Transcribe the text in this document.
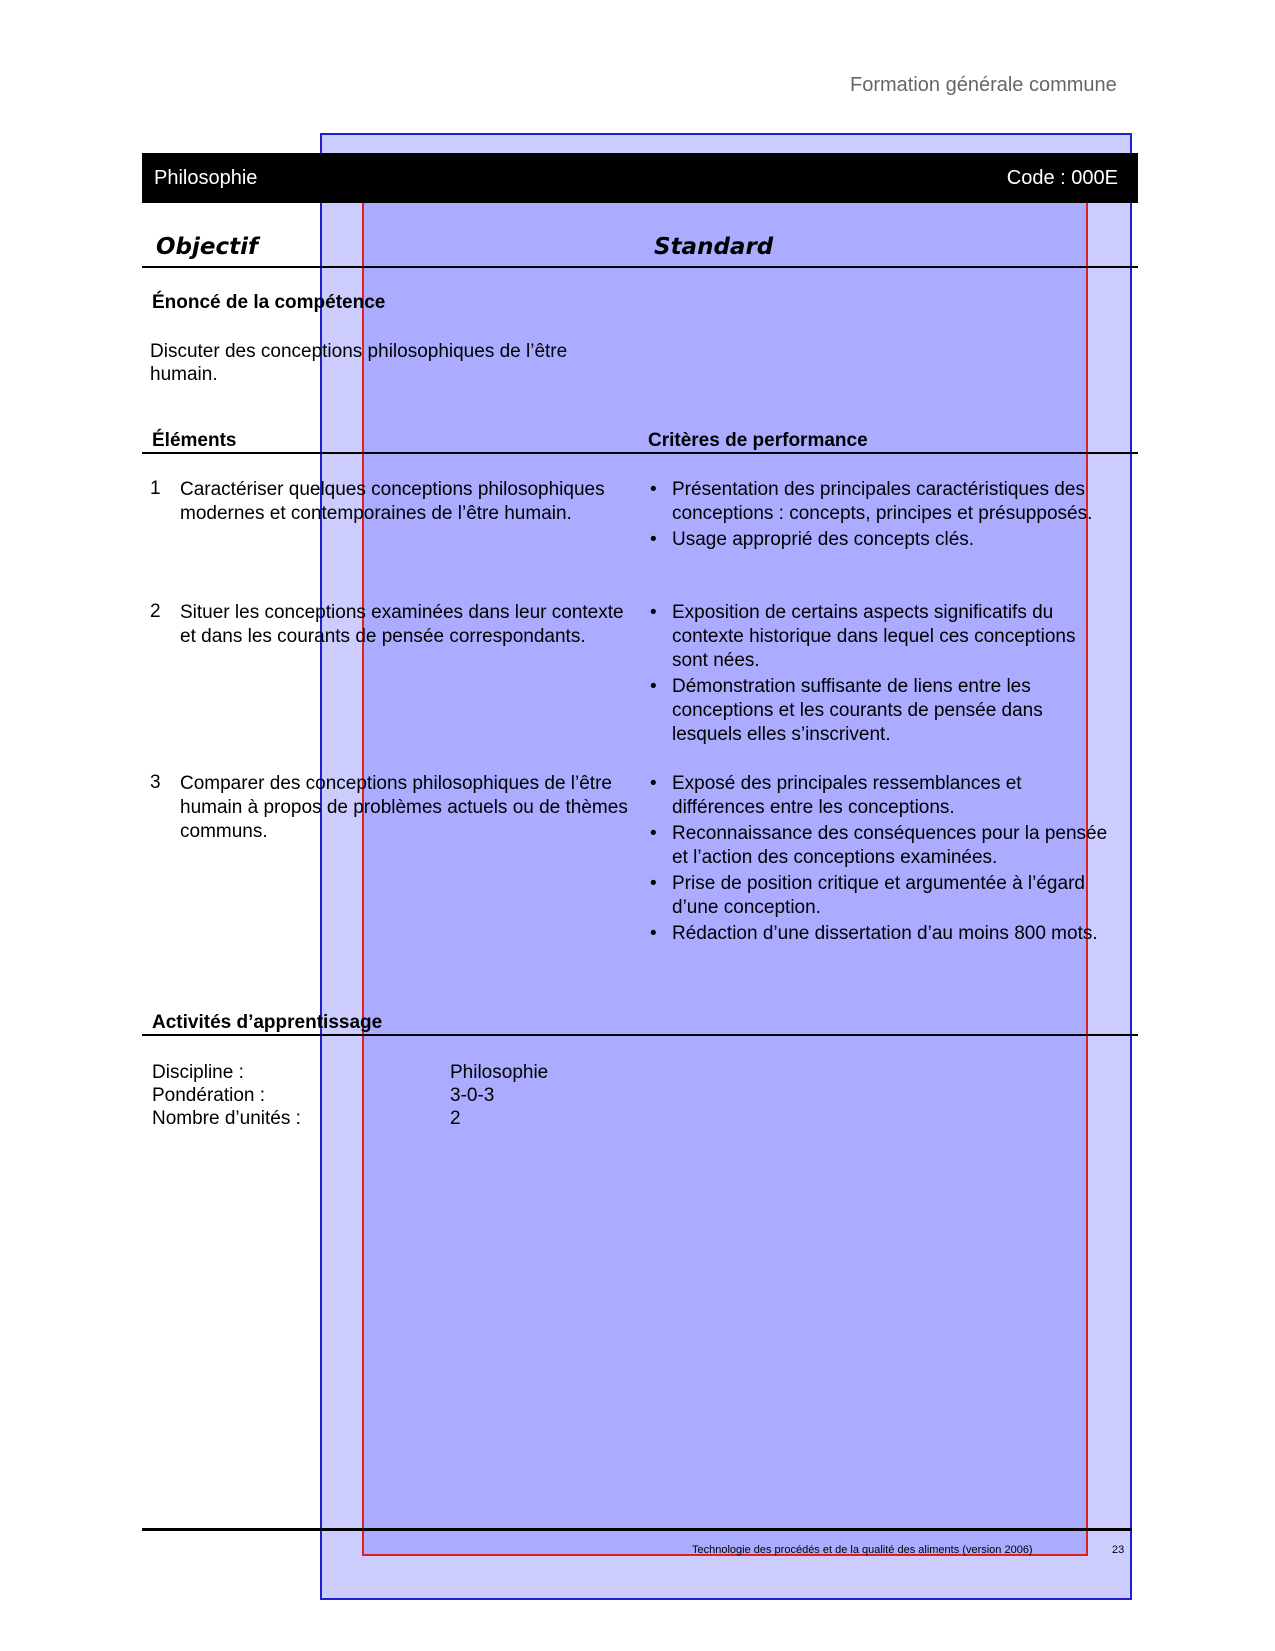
Formation générale commune
Philosophie	Code : 000E
Objectif	Standard
Énoncé de la compétence
Discuter des conceptions philosophiques de l’être humain.
Éléments	Critères de performance
1 Caractériser quelques conceptions philosophiques modernes et contemporaines de l’être humain.
• Présentation des principales caractéristiques des conceptions : concepts, principes et présupposés.
• Usage approprié des concepts clés.
2 Situer les conceptions examinées dans leur contexte et dans les courants de pensée correspondants.
• Exposition de certains aspects significatifs du contexte historique dans lequel ces conceptions sont nées.
• Démonstration suffisante de liens entre les conceptions et les courants de pensée dans lesquels elles s’inscrivent.
3 Comparer des conceptions philosophiques de l’être humain à propos de problèmes actuels ou de thèmes communs.
• Exposé des principales ressemblances et différences entre les conceptions.
• Reconnaissance des conséquences pour la pensée et l’action des conceptions examinées.
• Prise de position critique et argumentée à l’égard d’une conception.
• Rédaction d’une dissertation d’au moins 800 mots.
Activités d’apprentissage
Discipline :	Philosophie
Pondération :	3-0-3
Nombre d’unités :	2
Technologie des procédés et de la qualité des aliments (version 2006)	23
